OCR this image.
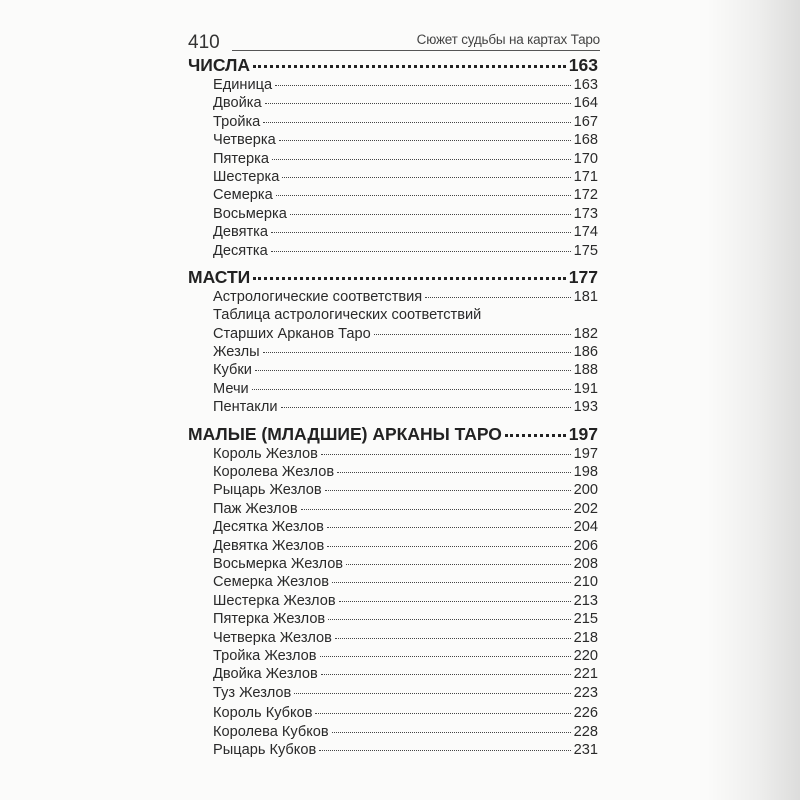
410	Сюжет судьбы на картах Таро
ЧИСЛА	163
Единица	163
Двойка	164
Тройка	167
Четверка	168
Пятерка	170
Шестерка	171
Семерка	172
Восьмерка	173
Девятка	174
Десятка	175
МАСТИ	177
Астрологические соответствия	181
Таблица астрологических соответствий
Старших Арканов Таро	182
Жезлы	186
Кубки	188
Мечи	191
Пентакли	193
МАЛЫЕ (МЛАДШИЕ) АРКАНЫ ТАРО	197
Король Жезлов	197
Королева Жезлов	198
Рыцарь Жезлов	200
Паж Жезлов	202
Десятка Жезлов	204
Девятка Жезлов	206
Восьмерка Жезлов	208
Семерка Жезлов	210
Шестерка Жезлов	213
Пятерка Жезлов	215
Четверка Жезлов	218
Тройка Жезлов	220
Двойка Жезлов	221
Туз Жезлов	223
Король Кубков	226
Королева Кубков	228
Рыцарь Кубков	231
